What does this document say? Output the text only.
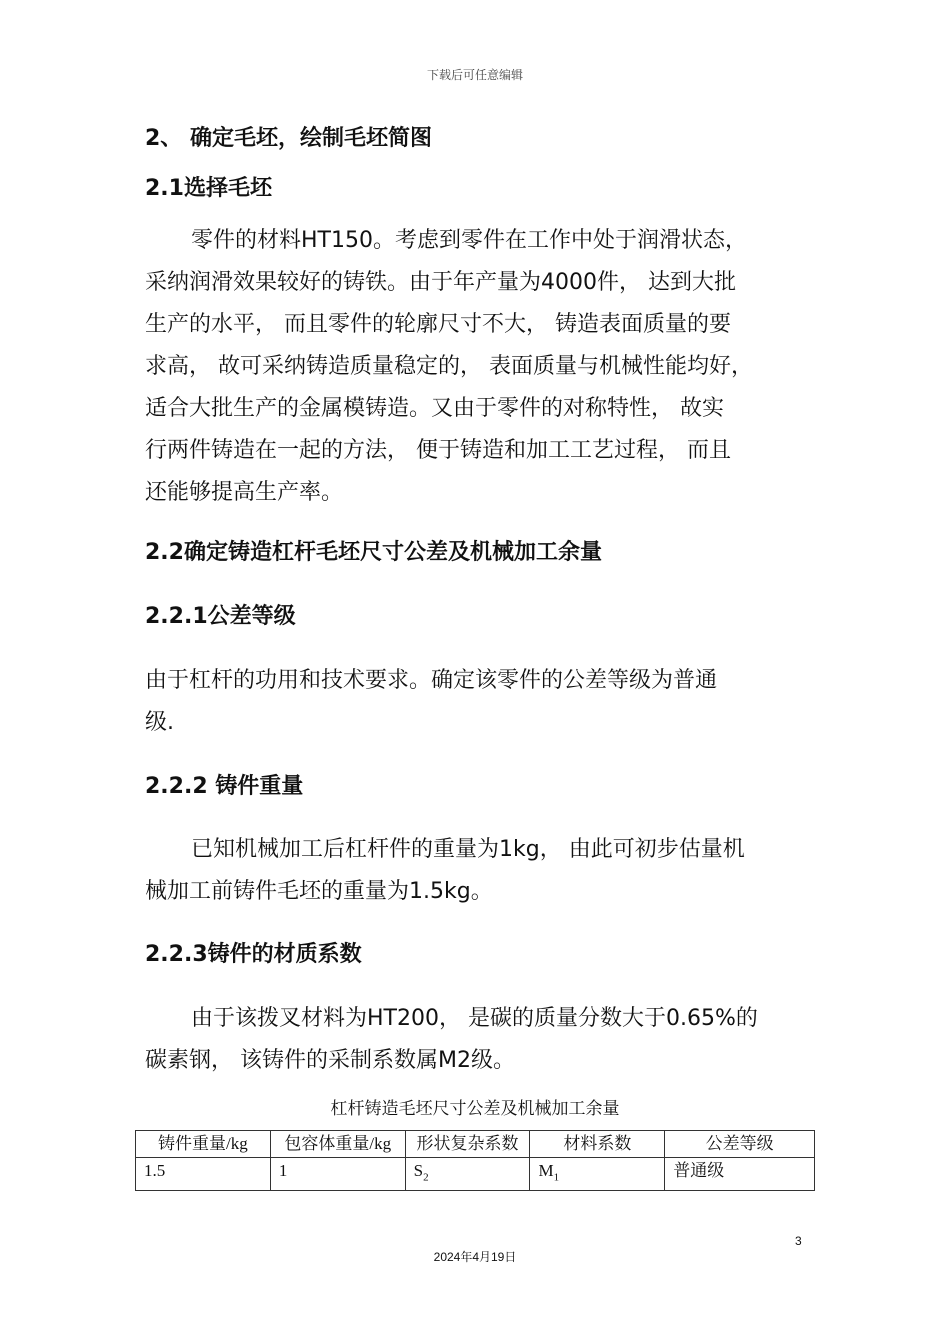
下载后可任意编辑
2、 确定毛坯，绘制毛坯简图
2.1选择毛坯
零件的材料HT150。考虑到零件在工作中处于润滑状态，
采纳润滑效果较好的铸铁。由于年产量为4000件， 达到大批
生产的水平， 而且零件的轮廓尺寸不大， 铸造表面质量的要
求高， 故可采纳铸造质量稳定的， 表面质量与机械性能均好，
适合大批生产的金属模铸造。又由于零件的对称特性， 故实
行两件铸造在一起的方法， 便于铸造和加工工艺过程， 而且
还能够提高生产率。
2.2确定铸造杠杆毛坯尺寸公差及机械加工余量
2.2.1公差等级
由于杠杆的功用和技术要求。确定该零件的公差等级为普通
级.
2.2.2 铸件重量
已知机械加工后杠杆件的重量为1kg， 由此可初步估量机
械加工前铸件毛坯的重量为1.5kg。
2.2.3铸件的材质系数
由于该拨叉材料为HT200， 是碳的质量分数大于0.65%的
碳素钢， 该铸件的采制系数属M2级。
杠杆铸造毛坯尺寸公差及机械加工余量
铸件重量/kg	包容体重量/kg	形状复杂系数	材料系数	公差等级
1.5	1	$S_2$	$M_1$	普通级
3
2024年4月19日
